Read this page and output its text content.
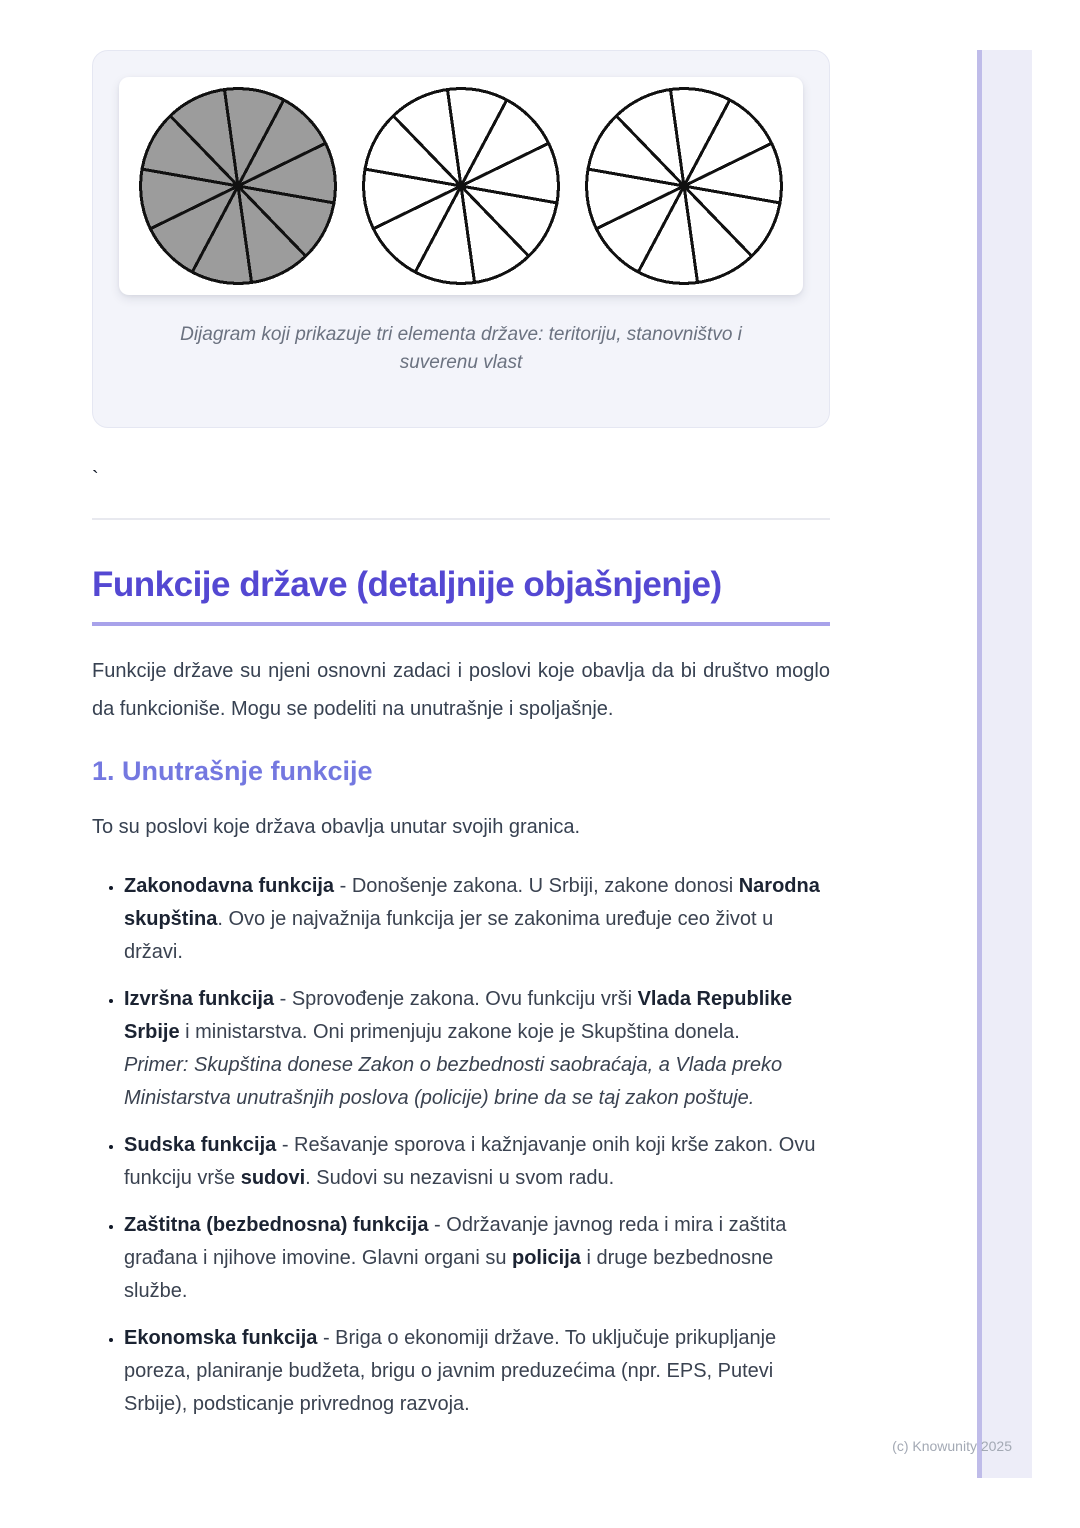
Dijagram koji prikazuje tri elementa države: teritoriju, stanovništvo i suverenu vlast
`
Funkcije države (detaljnije objašnjenje)

Funkcije države su njeni osnovni zadaci i poslovi koje obavlja da bi društvo moglo da funkcioniše. Mogu se podeliti na unutrašnje i spoljašnje.

1. Unutrašnje funkcije

To su poslovi koje država obavlja unutar svojih granica.

• Zakonodavna funkcija - Donošenje zakona. U Srbiji, zakone donosi Narodna skupština. Ovo je najvažnija funkcija jer se zakonima uređuje ceo život u državi.
• Izvršna funkcija - Sprovođenje zakona. Ovu funkciju vrši Vlada Republike Srbije i ministarstva. Oni primenjuju zakone koje je Skupština donela.
Primer: Skupština donese Zakon o bezbednosti saobraćaja, a Vlada preko Ministarstva unutrašnjih poslova (policije) brine da se taj zakon poštuje.
• Sudska funkcija - Rešavanje sporova i kažnjavanje onih koji krše zakon. Ovu funkciju vrše sudovi. Sudovi su nezavisni u svom radu.
• Zaštitna (bezbednosna) funkcija - Održavanje javnog reda i mira i zaštita građana i njihove imovine. Glavni organi su policija i druge bezbednosne službe.
• Ekonomska funkcija - Briga o ekonomiji države. To uključuje prikupljanje poreza, planiranje budžeta, brigu o javnim preduzećima (npr. EPS, Putevi Srbije), podsticanje privrednog razvoja.
(c) Knowunity 2025
